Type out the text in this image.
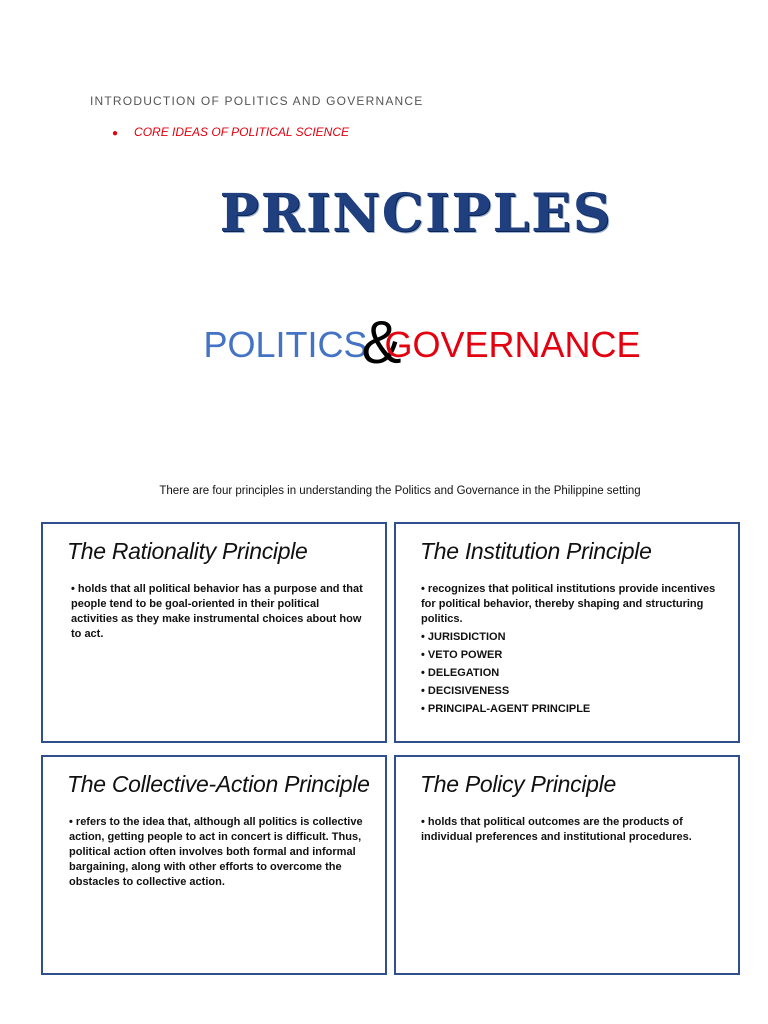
INTRODUCTION OF POLITICS AND GOVERNANCE
● CORE IDEAS OF POLITICAL SCIENCE
PRINCIPLES
POLITICS&GOVERNANCE
There are four principles in understanding the Politics and Governance in the Philippine setting
The Rationality Principle
• holds that all political behavior has a purpose and that people tend to be goal-oriented in their political activities as they make instrumental choices about how to act.
The Institution Principle
• recognizes that political institutions provide incentives for political behavior, thereby shaping and structuring politics.
• JURISDICTION
• VETO POWER
• DELEGATION
• DECISIVENESS
• PRINCIPAL-AGENT PRINCIPLE
The Collective-Action Principle
• refers to the idea that, although all politics is collective action, getting people to act in concert is difficult. Thus, political action often involves both formal and informal bargaining, along with other efforts to overcome the obstacles to collective action.
The Policy Principle
• holds that political outcomes are the products of individual preferences and institutional procedures.
